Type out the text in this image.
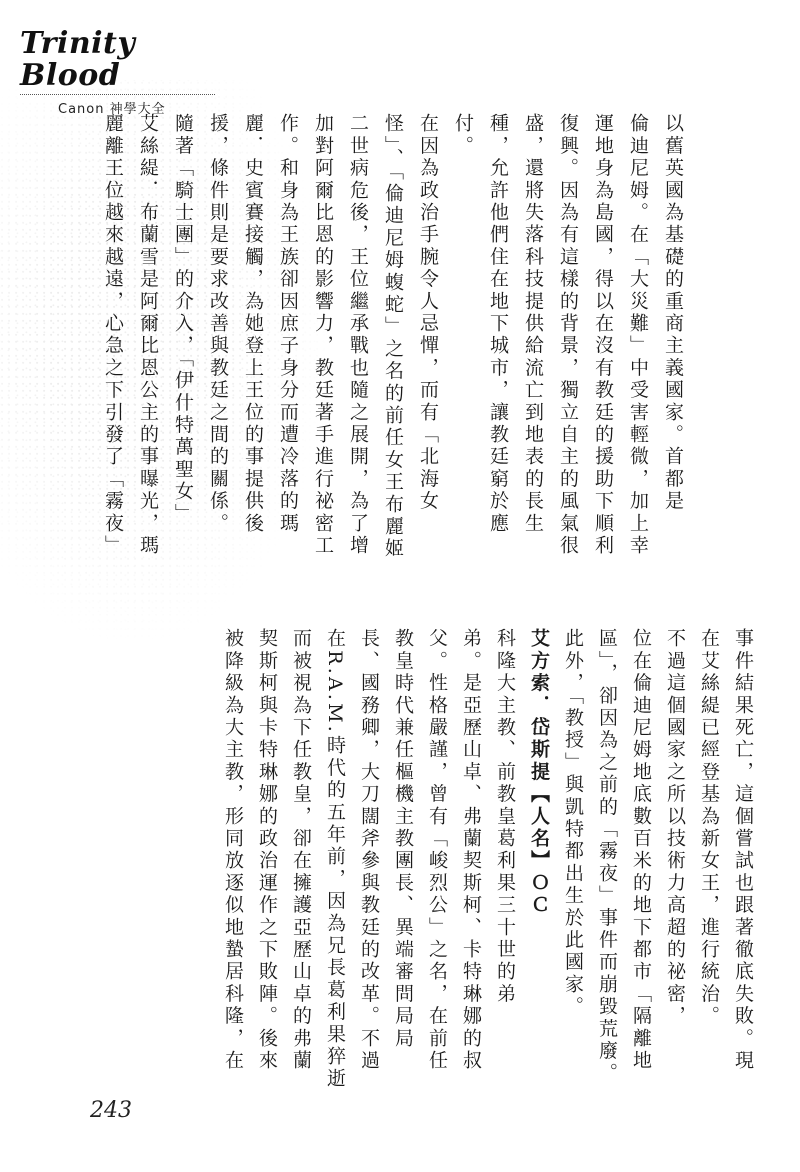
Trinity Blood
Canon 神學大全

以舊英國為基礎的重商主義國家。首都是

倫迪尼姆。在「大災難」中受害輕微，加上幸

運地身為島國，得以在沒有教廷的援助下順利

復興。因為有這樣的背景，獨立自主的風氣很

盛，還將失落科技提供給流亡到地表的長生

種，允許他們住在地下城市，讓教廷窮於應

付。

在因為政治手腕令人忌憚，而有「北海女

怪」、「倫迪尼姆蝮蛇」之名的前任女王布麗姬

二世病危後，王位繼承戰也隨之展開，為了增

加對阿爾比恩的影響力，教廷著手進行祕密工

作。和身為王族卻因庶子身分而遭冷落的瑪

麗．史賓賽接觸，為她登上王位的事提供後

援，條件則是要求改善與教廷之間的關係。

隨著「騎士團」的介入，「伊什特萬聖女」

艾絲緹．布蘭雪是阿爾比恩公主的事曝光，瑪

麗離王位越來越遠，心急之下引發了「霧夜」

事件結果死亡，這個嘗試也跟著徹底失敗。現

在艾絲緹已經登基為新女王，進行統治。

不過這個國家之所以技術力高超的祕密，

位在倫迪尼姆地底數百米的地下都市「隔離地

區」，卻因為之前的「霧夜」事件而崩毀荒廢。

此外，「教授」與凱特都出生於此國家。

艾方索．岱斯提【人名】ＯＣ

科隆大主教、前教皇葛利果三十世的弟

弟。是亞歷山卓、弗蘭契斯柯、卡特琳娜的叔

父。性格嚴謹，曾有「峻烈公」之名，在前任

教皇時代兼任樞機主教團長、異端審問局局

長、國務卿，大刀闊斧參與教廷的改革。不過

在R.A.M.時代的五年前，因為兄長葛利果猝逝

而被視為下任教皇，卻在擁護亞歷山卓的弗蘭

契斯柯與卡特琳娜的政治運作之下敗陣。後來

被降級為大主教，形同放逐似地蟄居科隆，在

243
